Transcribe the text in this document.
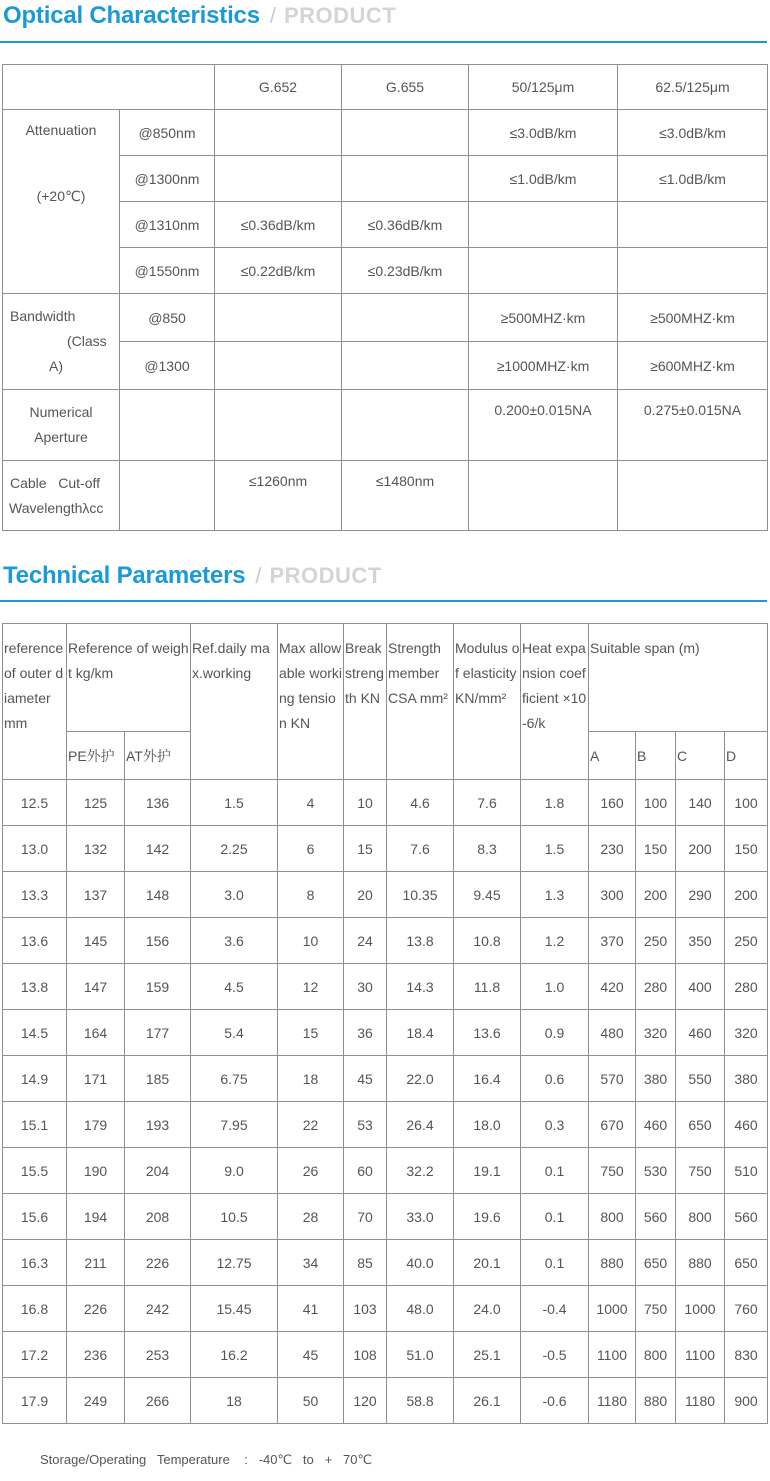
Optical Characteristics / PRODUCT
		G.652	G.655	50/125μm	62.5/125μm

Attenuation
(+20℃)	@850nm			≤3.0dB/km	≤3.0dB/km
	@1300nm			≤1.0dB/km	≤1.0dB/km
	@1310nm	≤0.36dB/km	≤0.36dB/km		
	@1550nm	≤0.22dB/km	≤0.23dB/km		

Bandwidth
(Class
A)	@850			≥500MHZ·km	≥500MHZ·km
	@1300			≥1000MHZ·km	≥600MHZ·km

Numerical
Aperture				0.200±0.015NA	0.275±0.015NA

Cable   Cut-off
Wavelengthλcc		≤1260nm	≤1480nm		
Technical Parameters / PRODUCT
reference of outer diameter mm	Reference of weight kg/km		Ref.daily max.working	Max allowable working tension KN	Break strength KN	Strength member CSA mm²	Modulus of elasticity KN/mm²	Heat expansion coefficient ×10-6/k	Suitable span (m)			
	PE外护	AT外护							A	B	C	D
12.5	125	136	1.5	4	10	4.6	7.6	1.8	160	100	140	100
13.0	132	142	2.25	6	15	7.6	8.3	1.5	230	150	200	150
13.3	137	148	3.0	8	20	10.35	9.45	1.3	300	200	290	200
13.6	145	156	3.6	10	24	13.8	10.8	1.2	370	250	350	250
13.8	147	159	4.5	12	30	14.3	11.8	1.0	420	280	400	280
14.5	164	177	5.4	15	36	18.4	13.6	0.9	480	320	460	320
14.9	171	185	6.75	18	45	22.0	16.4	0.6	570	380	550	380
15.1	179	193	7.95	22	53	26.4	18.0	0.3	670	460	650	460
15.5	190	204	9.0	26	60	32.2	19.1	0.1	750	530	750	510
15.6	194	208	10.5	28	70	33.0	19.6	0.1	800	560	800	560
16.3	211	226	12.75	34	85	40.0	20.1	0.1	880	650	880	650
16.8	226	242	15.45	41	103	48.0	24.0	-0.4	1000	750	1000	760
17.2	236	253	16.2	45	108	51.0	25.1	-0.5	1100	800	1100	830
17.9	249	266	18	50	120	58.8	26.1	-0.6	1180	880	1180	900
Storage/Operating   Temperature    :   -40℃   to   +   70℃
